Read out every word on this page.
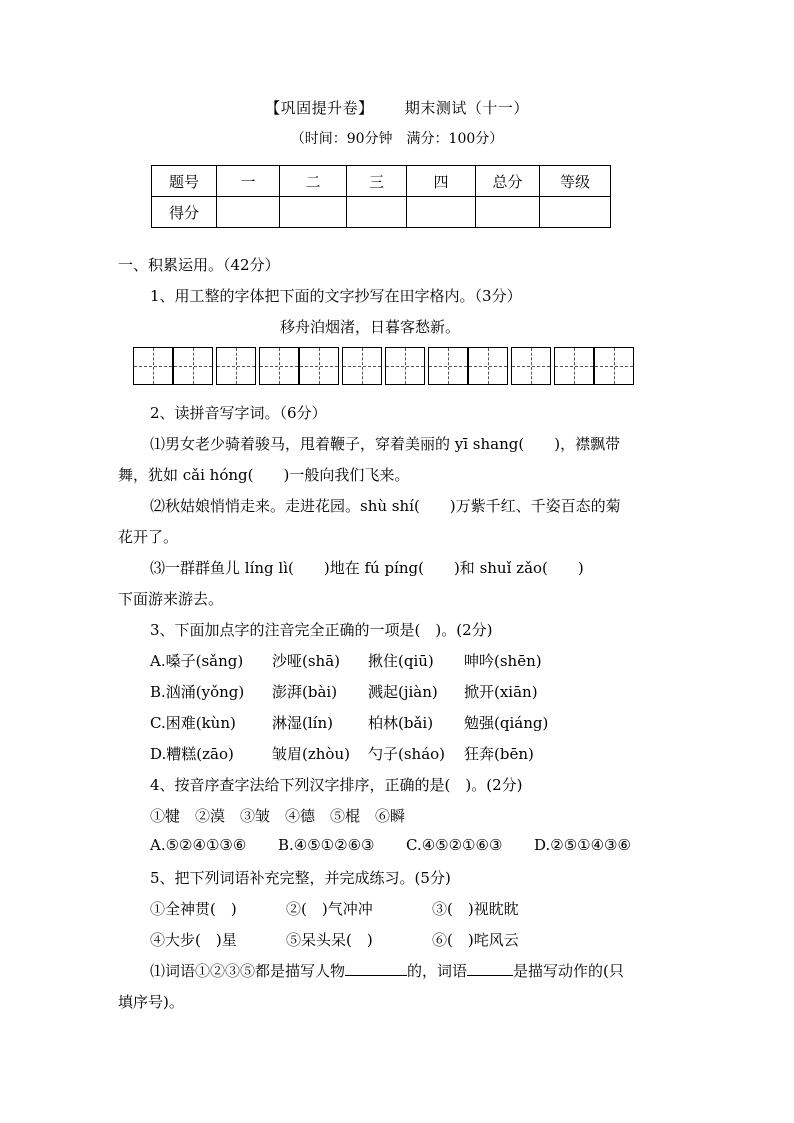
【巩固提升卷】 期末测试（十一）
（时间：90分钟　满分：100分）
题号	一	二	三	四	总分	等级
得分						
一、积累运用。（42分）
1、用工整的字体把下面的文字抄写在田字格内。（3分）
移舟泊烟渚，日暮客愁新。
2、读拼音写字词。（6分）
⑴男女老少骑着骏马，甩着鞭子，穿着美丽的 yī shang(　　)，襟飘带
舞，犹如 cǎi hóng(　　)一般向我们飞来。
⑵秋姑娘悄悄走来。走进花园。shù shí(　　)万紫千红、千姿百态的菊
花开了。
⑶一群群鱼儿 líng lì(　　)地在 fú píng(　　)和 shuǐ zǎo(　　)
下面游来游去。
3、下面加点字的注音完全正确的一项是(　)。(2分)
A.嗓子(sǎng) 沙哑(shā) 揪住(qiū) 呻吟(shēn)
B.汹涌(yǒng) 澎湃(bài) 溅起(jiàn) 掀开(xiān)
C.困难(kùn) 淋湿(lín) 柏林(bǎi) 勉强(qiáng)
D.糟糕(zāo)	皱眉(zhòu) 勺子(sháo) 狂奔(bēn)
4、按音序查字法给下列汉字排序，正确的是(　)。(2分)
①犍　②漠　③皱　④德　⑤棍　⑥瞬
A.⑤②④①③⑥ B.④⑤①②⑥③ C.④⑤②①⑥③ D.②⑤①④③⑥
5、把下列词语补充完整，并完成练习。(5分)
①全神贯(　)	②(　)气冲冲	③(　)视眈眈
④大步(　)星	⑤呆头呆(　)	⑥(　)咤风云
⑴词语①②③⑤都是描写人物	的，词语	是描写动作的(只
填序号)。
